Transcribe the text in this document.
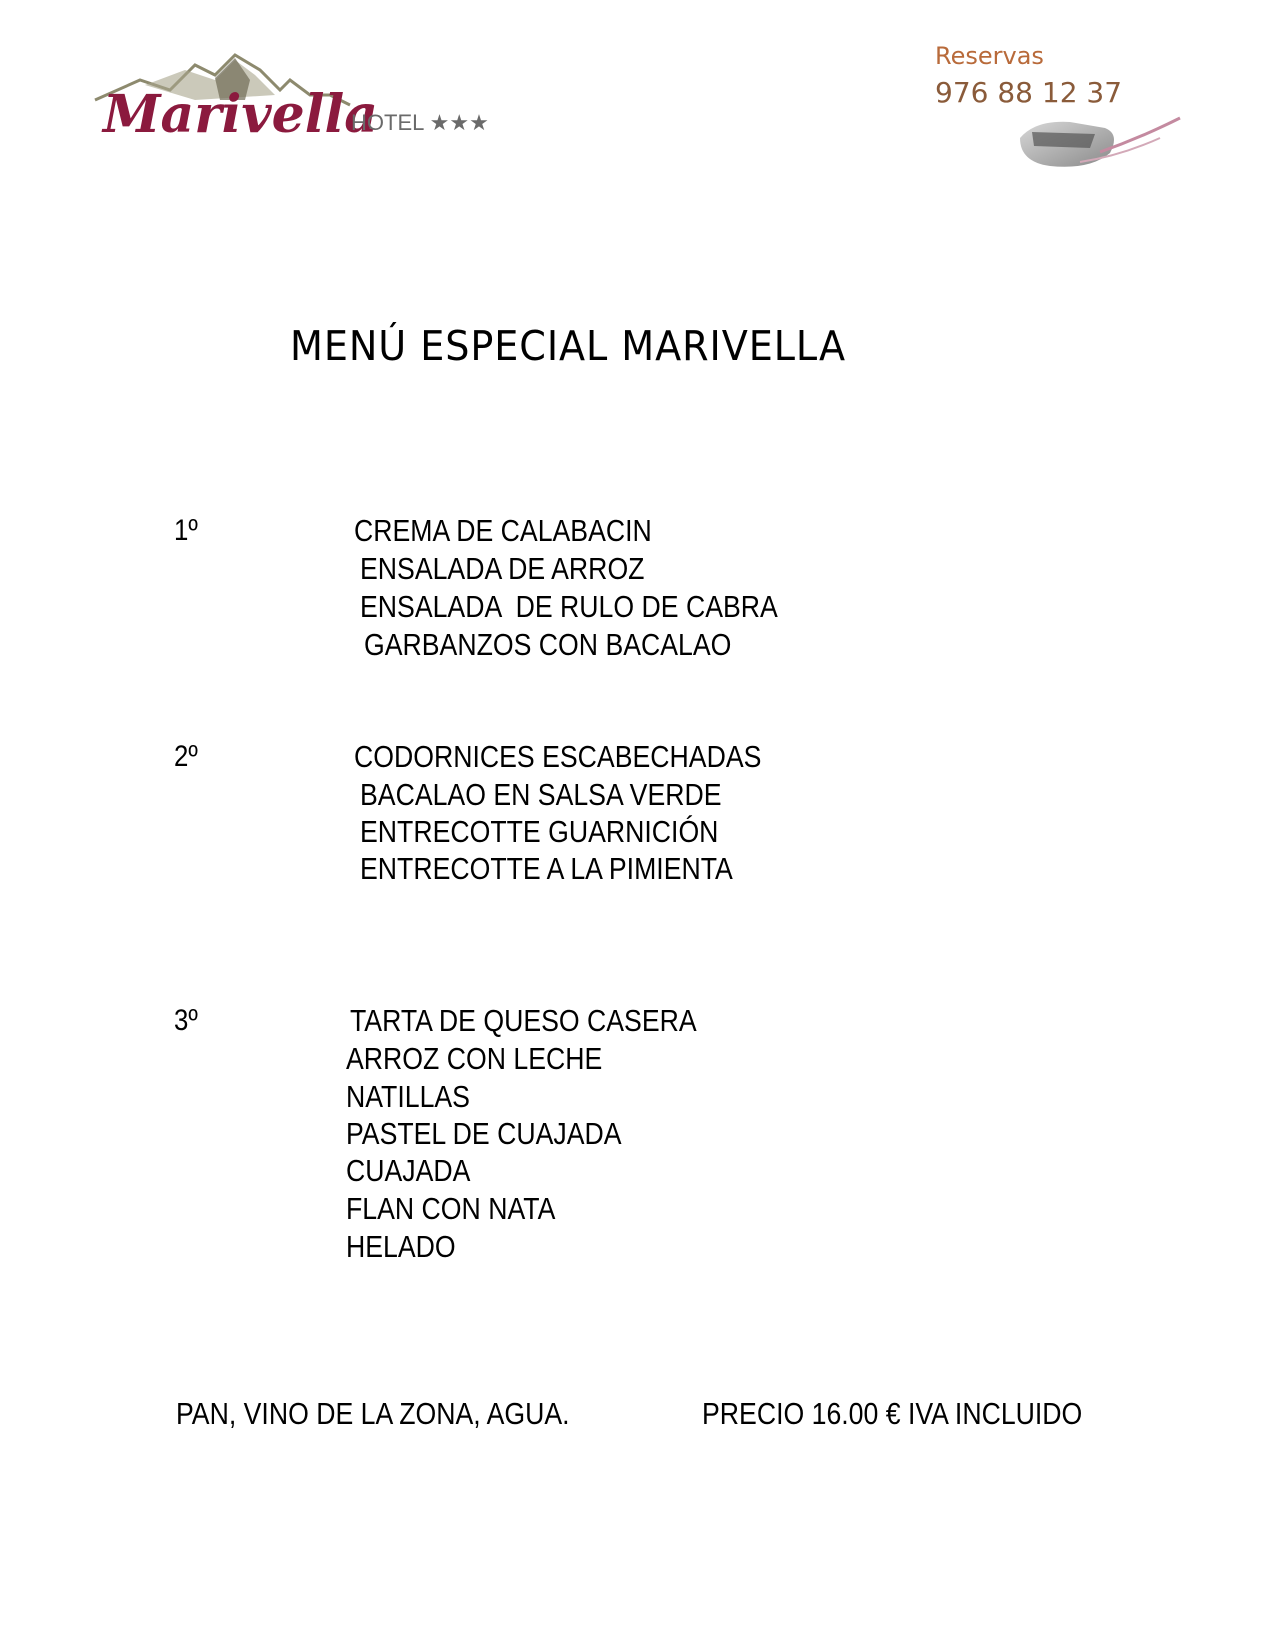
Marivella
HOTEL ★★★
Reservas
976 88 12 37
MENÚ ESPECIAL MARIVELLA
1º	CREMA DE CALABACIN
ENSALADA DE ARROZ
ENSALADA  DE RULO DE CABRA
GARBANZOS CON BACALAO
2º	CODORNICES ESCABECHADAS
BACALAO EN SALSA VERDE
ENTRECOTTE GUARNICIÓN
ENTRECOTTE A LA PIMIENTA
3º	TARTA DE QUESO CASERA
ARROZ CON LECHE
NATILLAS
PASTEL DE CUAJADA
CUAJADA
FLAN CON NATA
HELADO
PAN, VINO DE LA ZONA, AGUA.	PRECIO 16.00 € IVA INCLUIDO
